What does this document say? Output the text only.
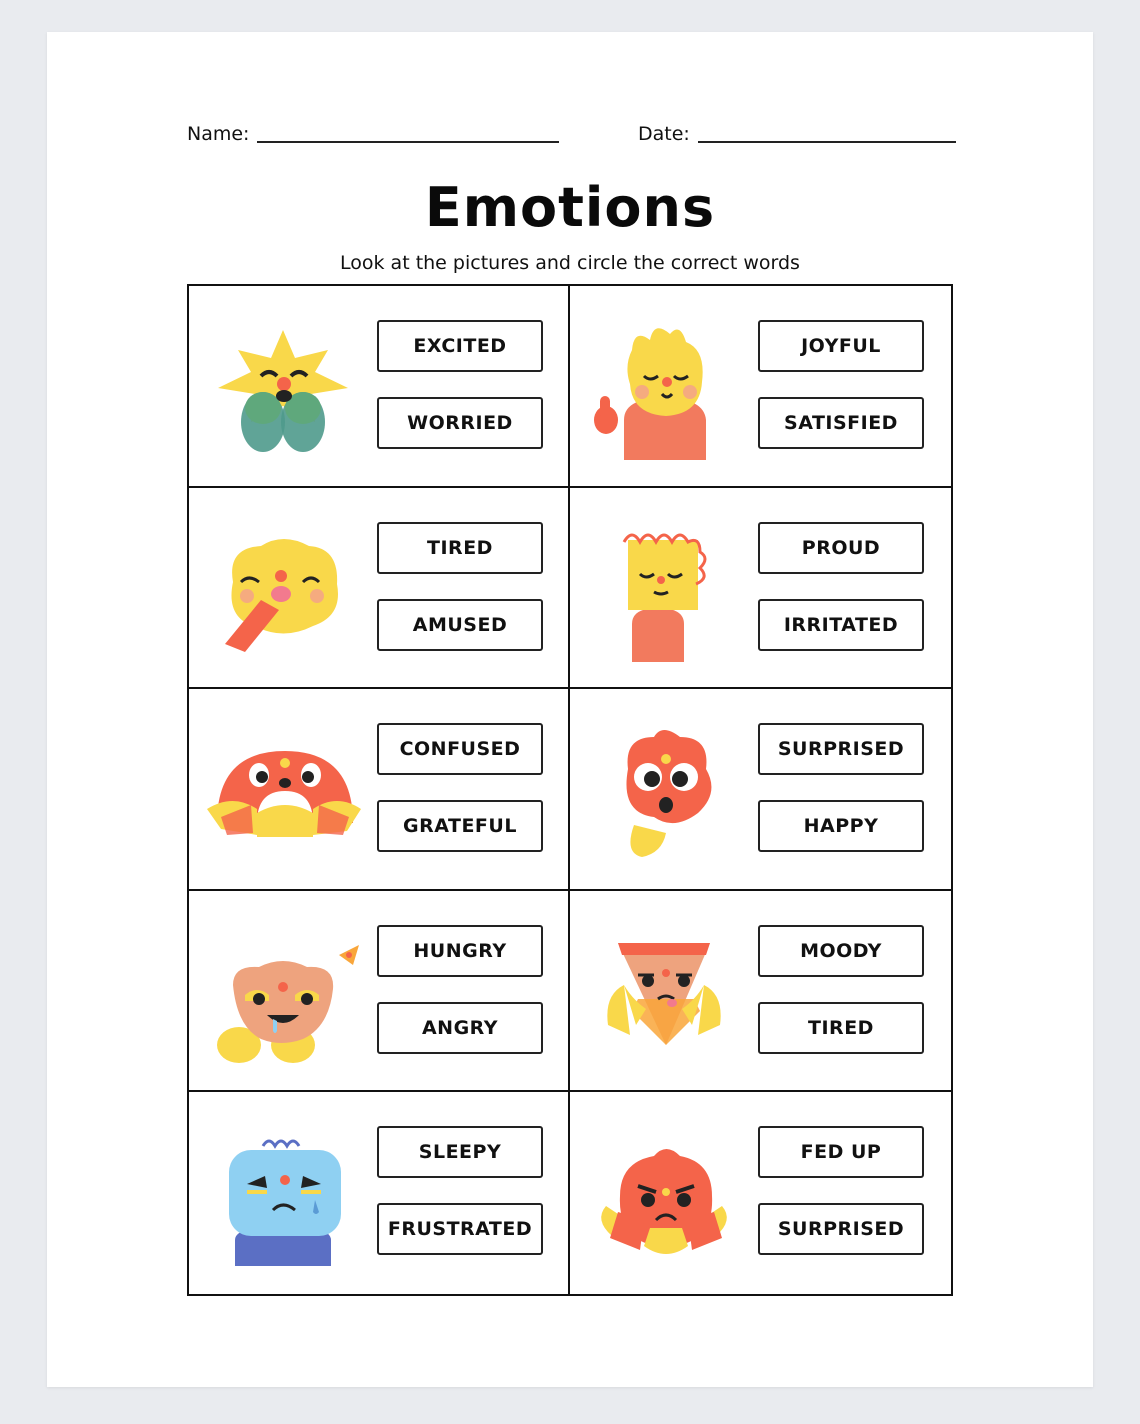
Name:	Date:
Emotions
Look at the pictures and circle the correct words
EXCITED
WORRIED
JOYFUL
SATISFIED
TIRED
AMUSED
PROUD
IRRITATED
CONFUSED
GRATEFUL
SURPRISED
HAPPY
HUNGRY
ANGRY
MOODY
TIRED
SLEEPY
FRUSTRATED
FED UP
SURPRISED
